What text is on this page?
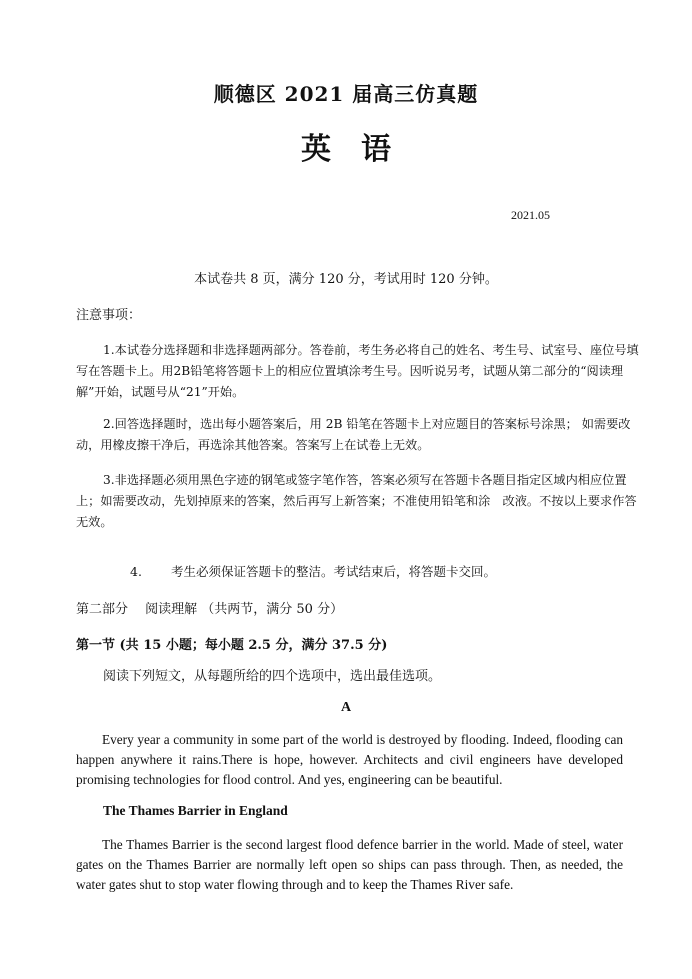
顺德区 2021 届高三仿真题
英语
2021.05
本试卷共 8 页，满分 120 分，考试用时 120 分钟。
注意事项：
1.本试卷分选择题和非选择题两部分。答卷前，考生务必将自己的姓名、考生号、试室号、座位号填写在答题卡上。用2B铅笔将答题卡上的相应位置填涂考生号。因听说另考，试题从第二部分的“阅读理解”开始，试题号从“21”开始。
2.回答选择题时，选出每小题答案后，用 2B 铅笔在答题卡上对应题目的答案标号涂黑； 如需要改动，用橡皮擦干净后，再选涂其他答案。答案写上在试卷上无效。
3.非选择题必须用黑色字迹的钢笔或签字笔作答，答案必须写在答题卡各题目指定区域内相应位置上；如需要改动，先划掉原来的答案，然后再写上新答案；不准使用铅笔和涂　改液。不按以上要求作答无效。
4. 考生必须保证答题卡的整洁。考试结束后，将答题卡交回。
第二部分　 阅读理解 （共两节，满分 50 分）
第一节 (共 15 小题；每小题 2.5 分，满分 37.5 分)
阅读下列短文，从每题所给的四个选项中，选出最佳选项。
A
Every year a community in some part of the world is destroyed by flooding. Indeed, flooding can happen anywhere it rains.There is hope, however. Architects and civil engineers have developed promising technologies for flood control. And yes, engineering can be beautiful.
The Thames Barrier in England
The Thames Barrier is the second largest flood defence barrier in the world. Made of steel, water gates on the Thames Barrier are normally left open so ships can pass through. Then, as needed, the water gates shut to stop water flowing through and to keep the Thames River safe.
